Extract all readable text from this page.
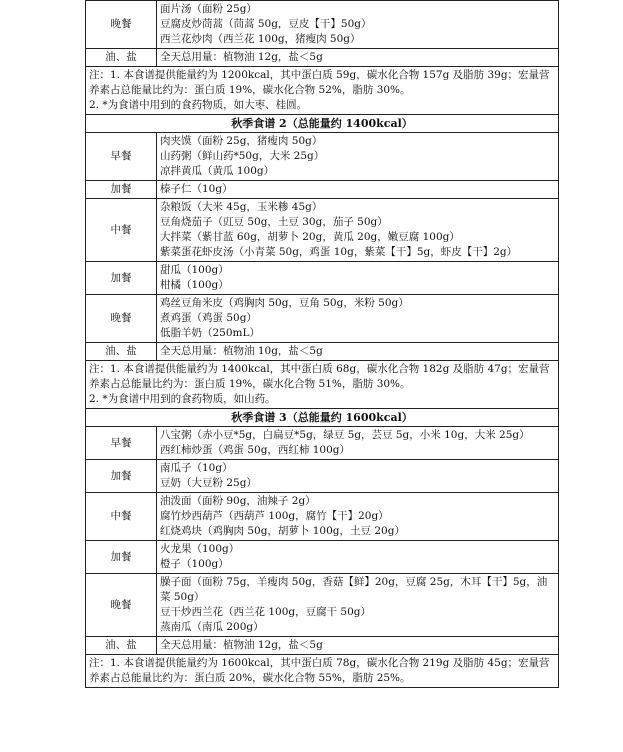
晚餐	面片汤（面粉 25g）
豆腐皮炒茼蒿（茼蒿 50g，豆皮【干】50g）
西兰花炒肉（西兰花 100g，猪瘦肉 50g）

油、盐	全天总用量：植物油 12g，盐＜5g

注：1. 本食谱提供能量约为 1200kcal，其中蛋白质 59g，碳水化合物 157g 及脂肪 39g；宏量营养素占总能量比约为：蛋白质 19%，碳水化合物 52%，脂肪 30%。
2. *为食谱中用到的食药物质，如大枣、桂圆。	

秋季食谱 2（总能量约 1400kcal）	
早餐	肉夹馍（面粉 25g，猪瘦肉 50g）
山药粥（鲜山药*50g，大米 25g）
凉拌黄瓜（黄瓜 100g）

加餐	榛子仁（10g）

中餐	杂粮饭（大米 45g，玉米糁 45g）
豆角烧茄子（豇豆 50g，土豆 30g，茄子 50g）
大拌菜（紫甘蓝 60g，胡萝卜 20g，黄瓜 20g，嫩豆腐 100g）
紫菜蛋花虾皮汤（小青菜 50g，鸡蛋 10g，紫菜【干】5g，虾皮【干】2g）

加餐	甜瓜（100g）
柑橘（100g）

晚餐	鸡丝豆角米皮（鸡胸肉 50g，豆角 50g，米粉 50g）
煮鸡蛋（鸡蛋 50g）
低脂羊奶（250mL）

油、盐	全天总用量：植物油 10g，盐＜5g

注：1. 本食谱提供能量约为 1400kcal，其中蛋白质 68g，碳水化合物 182g 及脂肪 47g；宏量营养素占总能量比约为：蛋白质 19%，碳水化合物 51%，脂肪 30%。
2. *为食谱中用到的食药物质，如山药。	

秋季食谱 3（总能量约 1600kcal）	
早餐	八宝粥（赤小豆*5g，白扁豆*5g，绿豆 5g，芸豆 5g，小米 10g，大米 25g）
西红柿炒蛋（鸡蛋 50g，西红柿 100g）

加餐	南瓜子（10g）
豆奶（大豆粉 25g）

中餐	油泼面（面粉 90g，油辣子 2g）
腐竹炒西葫芦（西葫芦 100g，腐竹【干】20g）
红烧鸡块（鸡胸肉 50g，胡萝卜 100g，土豆 20g）

加餐	火龙果（100g）
橙子（100g）

晚餐	臊子面（面粉 75g，羊瘦肉 50g，香菇【鲜】20g，豆腐 25g，木耳【干】5g，油菜 50g）
豆干炒西兰花（西兰花 100g，豆腐干 50g）
蒸南瓜（南瓜 200g）

油、盐	全天总用量：植物油 12g，盐＜5g

注：1. 本食谱提供能量约为 1600kcal，其中蛋白质 78g，碳水化合物 219g 及脂肪 45g；宏量营养素占总能量比约为：蛋白质 20%，碳水化合物 55%，脂肪 25%。	
